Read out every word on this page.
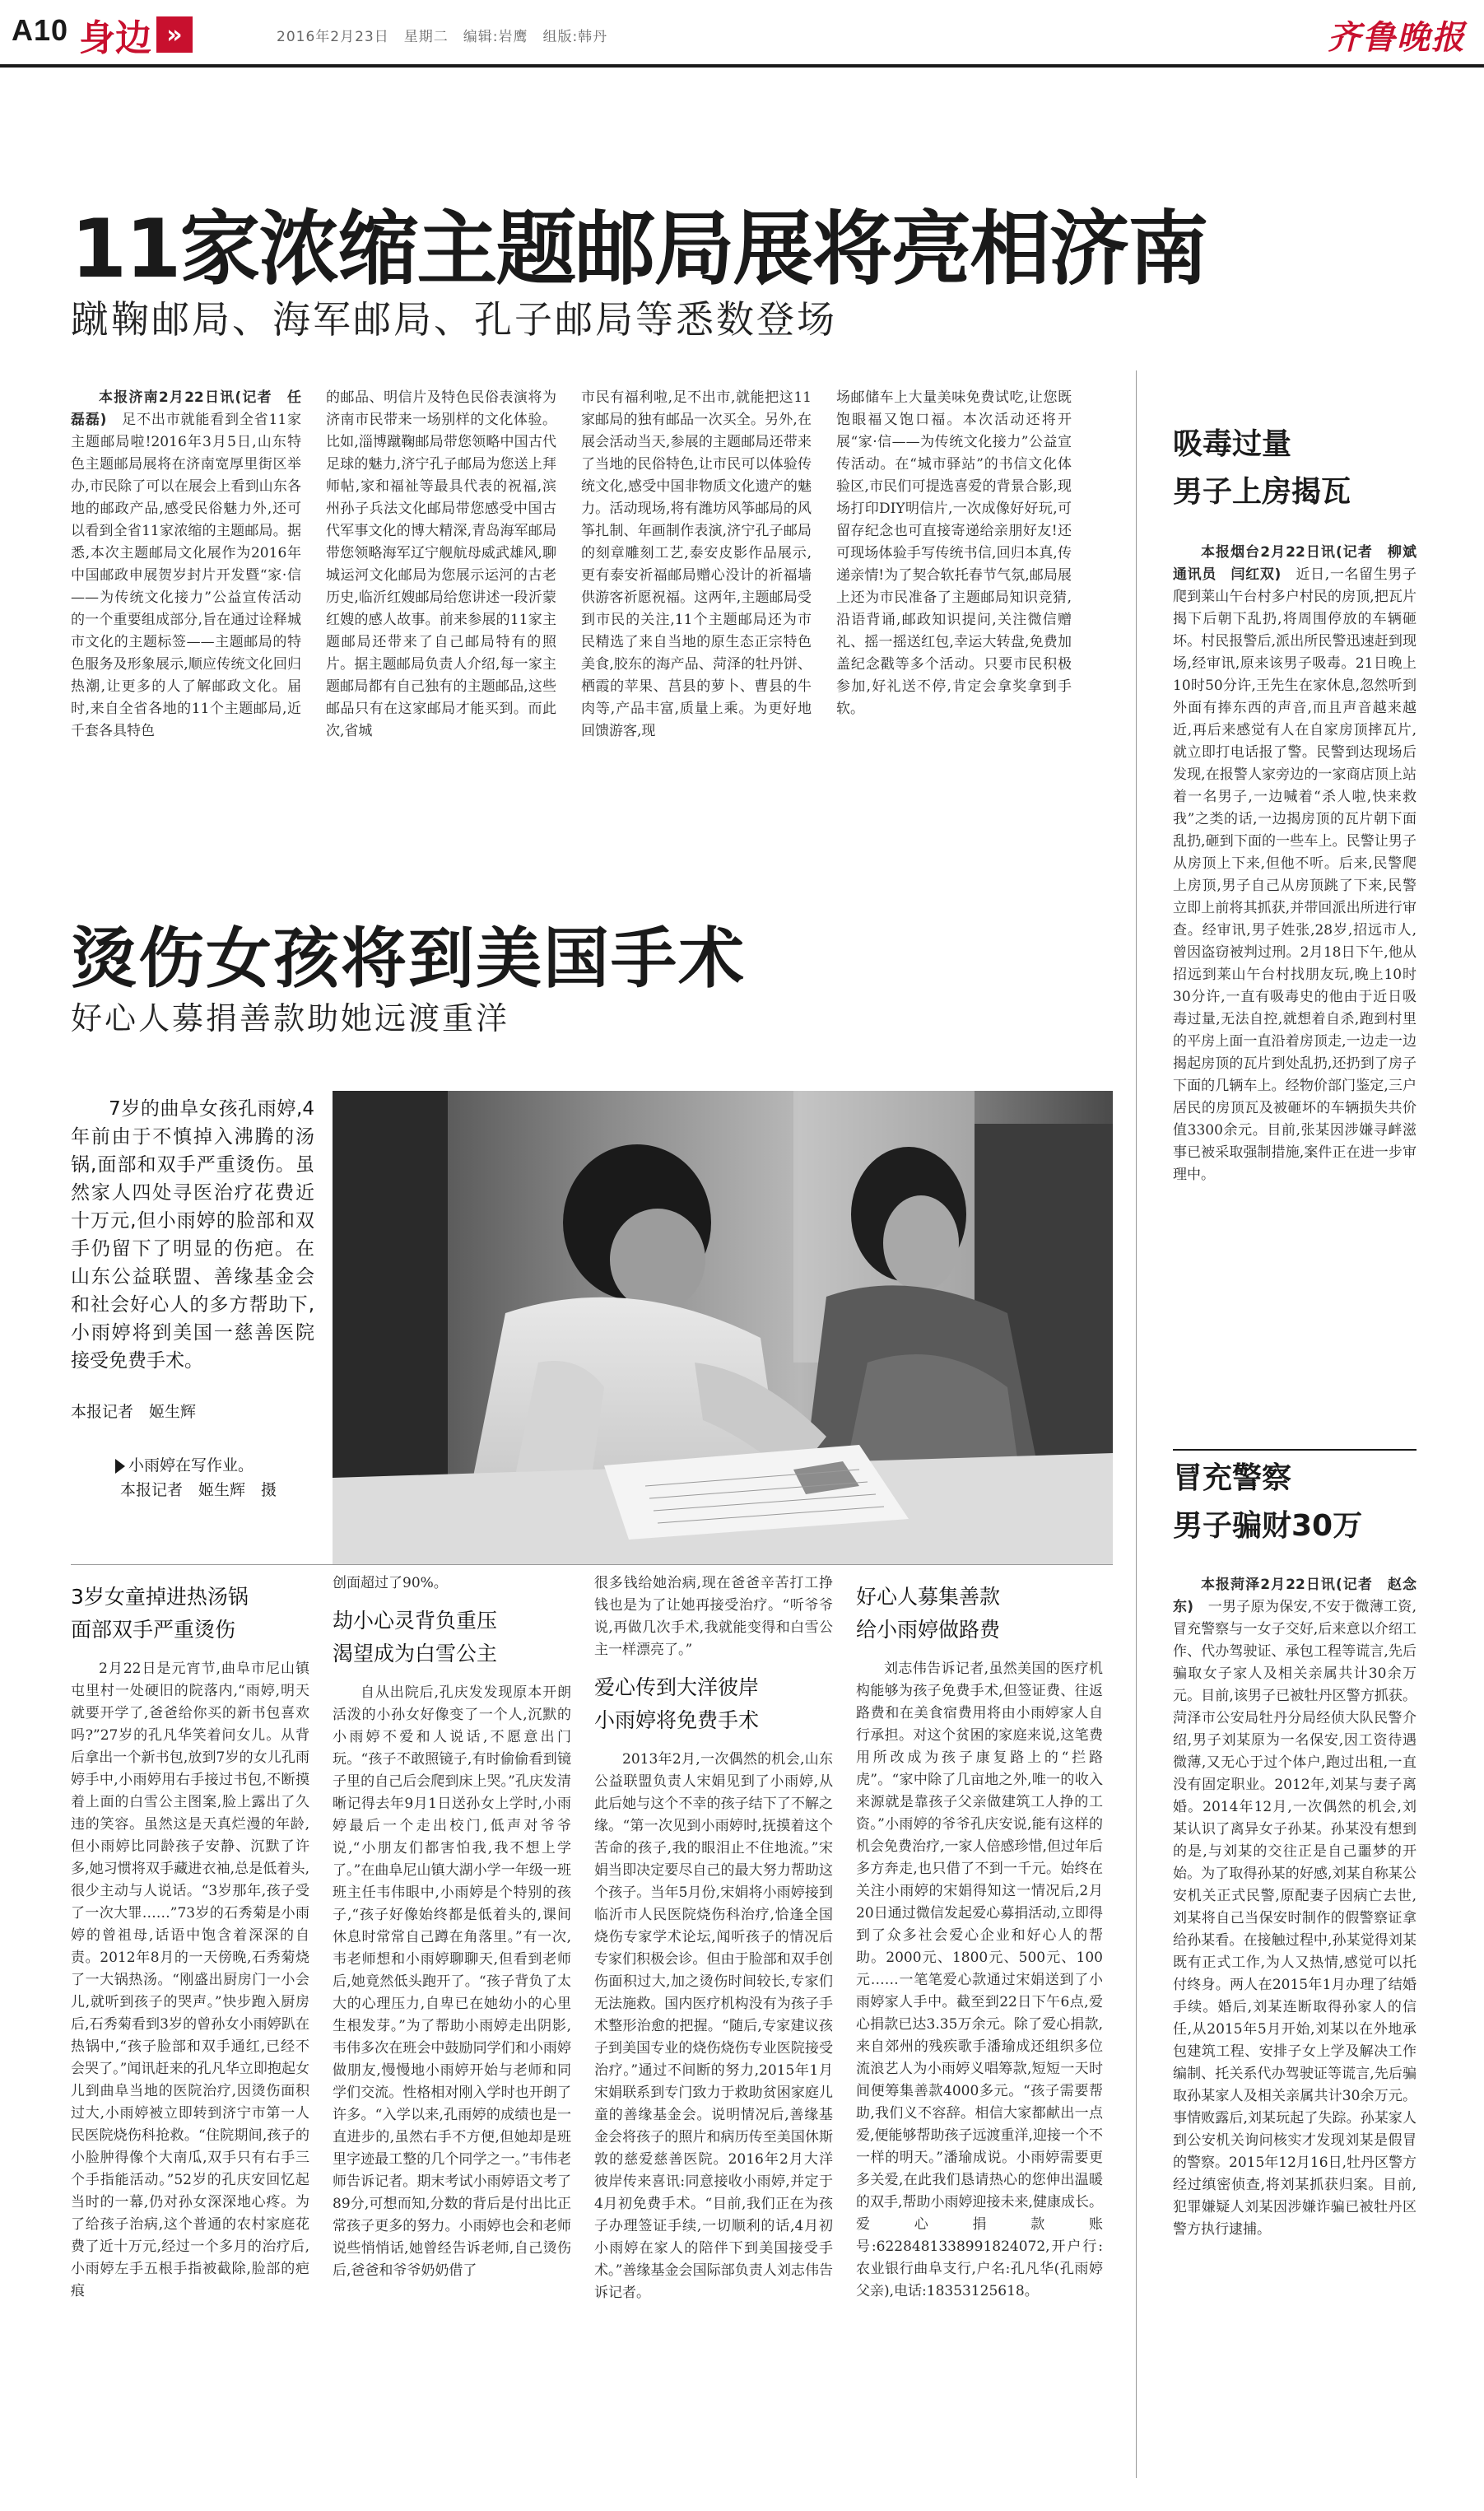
A10 身边 »	2016年2月23日　星期二　编辑:岩鹰　组版:韩丹	齐鲁晚报
11家浓缩主题邮局展将亮相济南
蹴鞠邮局、海军邮局、孔子邮局等悉数登场

本报济南2月22日讯(记者　任磊磊)　 足不出市就能看到全省11家主题邮局啦!2016年3月5日,山东特色主题邮局展将在济南宽厚里街区举办,市民除了可以在展会上看到山东各地的邮政产品,感受民俗魅力外,还可以看到全省11家浓缩的主题邮局。据悉,本次主题邮局文化展作为2016年中国邮政申展贺岁封片开发暨“家·信——为传统文化接力”公益宣传活动的一个重要组成部分,旨在通过诠释城市文化的主题标签——主题邮局的特色服务及形象展示,顺应传统文化回归热潮,让更多的人了解邮政文化。届时,来自全省各地的11个主题邮局,近千套各具特色

的邮品、明信片及特色民俗表演将为济南市民带来一场别样的文化体验。比如,淄博蹴鞠邮局带您领略中国古代足球的魅力,济宁孔子邮局为您送上拜师帖,家和福祉等最具代表的祝福,滨州孙子兵法文化邮局带您感受中国古代军事文化的博大精深,青岛海军邮局带您领略海军辽宁舰航母威武雄风,聊城运河文化邮局为您展示运河的古老历史,临沂红嫂邮局给您讲述一段沂蒙红嫂的感人故事。前来参展的11家主题邮局还带来了自己邮局特有的照片。据主题邮局负责人介绍,每一家主题邮局都有自己独有的主题邮品,这些邮品只有在这家邮局才能买到。而此次,省城

市民有福利啦,足不出市,就能把这11家邮局的独有邮品一次买全。另外,在展会活动当天,参展的主题邮局还带来了当地的民俗特色,让市民可以体验传统文化,感受中国非物质文化遗产的魅力。活动现场,将有潍坊风筝邮局的风筝扎制、年画制作表演,济宁孔子邮局的刻章雕刻工艺,泰安皮影作品展示,更有泰安祈福邮局赠心没计的祈福墙供游客祈愿祝福。这两年,主题邮局受到市民的关注,11个主题邮局还为市民精选了来自当地的原生态正宗特色美食,胶东的海产品、菏泽的牡丹饼、栖霞的苹果、莒县的萝卜、曹县的牛肉等,产品丰富,质量上乘。为更好地回馈游客,现

场邮储车上大量美味免费试吃,让您既饱眼福又饱口福。本次活动还将开展“家·信——为传统文化接力”公益宣传活动。在“城市驿站”的书信文化体验区,市民们可提选喜爱的背景合影,现场打印DIY明信片,一次成像好好玩,可留存纪念也可直接寄递给亲朋好友!还可现场体验手写传统书信,回归本真,传递亲情!为了契合软托春节气氛,邮局展上还为市民准备了主题邮局知识竞猜,沿语背诵,邮政知识提问,关注微信赠礼、摇一摇送红包,幸运大转盘,免费加盖纪念戳等多个活动。只要市民积极参加,好礼送不停,肯定会拿奖拿到手软。

吸毒过量
男子上房揭瓦

本报烟台2月22日讯(记者　柳斌　通讯员　闫红双)　 近日,一名留生男子爬到莱山午台村多户村民的房顶,把瓦片揭下后朝下乱扔,将周围停放的车辆砸坏。村民报警后,派出所民警迅速赶到现场,经审讯,原来该男子吸毒。21日晚上10时50分许,王先生在家休息,忽然听到外面有捧东西的声音,而且声音越来越近,再后来感觉有人在自家房顶摔瓦片,就立即打电话报了警。民警到达现场后发现,在报警人家旁边的一家商店顶上站着一名男子,一边喊着“杀人啦,快来救我”之类的话,一边揭房顶的瓦片朝下面乱扔,砸到下面的一些车上。民警让男子从房顶上下来,但他不听。后来,民警爬上房顶,男子自己从房顶跳了下来,民警立即上前将其抓获,并带回派出所进行审查。经审讯,男子姓张,28岁,招远市人,曾因盗窃被判过刑。2月18日下午,他从招远到莱山午台村找朋友玩,晚上10时30分许,一直有吸毒史的他由于近日吸毒过量,无法自控,就想着自杀,跑到村里的平房上面一直沿着房顶走,一边走一边揭起房顶的瓦片到处乱扔,还扔到了房子下面的几辆车上。经物价部门鉴定,三户居民的房顶瓦及被砸坏的车辆损失共价值3300余元。目前,张某因涉嫌寻衅滋事已被采取强制措施,案件正在进一步审理中。

冒充警察
男子骗财30万

本报菏泽2月22日讯(记者　赵念东)　 一男子原为保安,不安于微薄工资,冒充警察与一女子交好,后来意以介绍工作、代办驾驶证、承包工程等谎言,先后骗取女子家人及相关亲属共计30余万元。目前,该男子已被牡丹区警方抓获。菏泽市公安局牡丹分局经侦大队民警介绍,男子刘某原为一名保安,因工资待遇微薄,又无心于过个体户,跑过出租,一直没有固定职业。2012年,刘某与妻子离婚。2014年12月,一次偶然的机会,刘某认识了离异女子孙某。孙某没有想到的是,与刘某的交往正是自己噩梦的开始。为了取得孙某的好感,刘某自称某公安机关正式民警,原配妻子因病亡去世,刘某将自己当保安时制作的假警察证拿给孙某看。在接触过程中,孙某觉得刘某既有正式工作,为人又热情,感觉可以托付终身。两人在2015年1月办理了结婚手续。婚后,刘某连断取得孙家人的信任,从2015年5月开始,刘某以在外地承包建筑工程、安排子女上学及解决工作编制、托关系代办驾驶证等谎言,先后骗取孙某家人及相关亲属共计30余万元。事情败露后,刘某玩起了失踪。孙某家人到公安机关询问核实才发现刘某是假冒的警察。2015年12月16日,牡丹区警方经过缜密侦查,将刘某抓获归案。目前,犯罪嫌疑人刘某因涉嫌诈骗已被牡丹区警方执行逮捕。

烫伤女孩将到美国手术
好心人募捐善款助她远渡重洋

7岁的曲阜女孩孔雨婷,4年前由于不慎掉入沸腾的汤锅,面部和双手严重烫伤。虽然家人四处寻医治疗花费近十万元,但小雨婷的脸部和双手仍留下了明显的伤疤。在山东公益联盟、善缘基金会和社会好心人的多方帮助下,小雨婷将到美国一慈善医院接受免费手术。

本报记者　姬生辉
小雨婷在写作业。
本报记者　姬生辉　摄
3岁女童掉进热汤锅
面部双手严重烫伤

2月22日是元宵节,曲阜市尼山镇屯里村一处硬旧的院落内,“雨婷,明天就要开学了,爸爸给你买的新书包喜欢吗?”27岁的孔凡华笑着问女儿。从背后拿出一个新书包,放到7岁的女儿孔雨婷手中,小雨婷用右手接过书包,不断摸着上面的白雪公主图案,脸上露出了久违的笑容。虽然这是天真烂漫的年龄,但小雨婷比同龄孩子安静、沉默了许多,她习惯将双手藏进衣袖,总是低着头,很少主动与人说话。“3岁那年,孩子受了一次大罪……”73岁的石秀菊是小雨婷的曾祖母,话语中饱含着深深的自责。2012年8月的一天傍晚,石秀菊烧了一大锅热汤。“刚盛出厨房门一小会儿,就听到孩子的哭声。”快步跑入厨房后,石秀菊看到3岁的曾孙女小雨婷趴在热锅中,“孩子脸部和双手通红,已经不会哭了。”闻讯赶来的孔凡华立即抱起女儿到曲阜当地的医院治疗,因烫伤面积过大,小雨婷被立即转到济宁市第一人民医院烧伤科抢救。“住院期间,孩子的小脸肿得像个大南瓜,双手只有右手三个手指能活动。”52岁的孔庆安回忆起当时的一幕,仍对孙女深深地心疼。为了给孩子治病,这个普通的农村家庭花费了近十万元,经过一个多月的治疗后,小雨婷左手五根手指被截除,脸部的疤痕

创面超过了90%。

劫小心灵背负重压
渴望成为白雪公主

自从出院后,孔庆发发现原本开朗活泼的小孙女好像变了一个人,沉默的小雨婷不爱和人说话,不愿意出门玩。“孩子不敢照镜子,有时偷偷看到镜子里的自己后会爬到床上哭。”孔庆发清晰记得去年9月1日送孙女上学时,小雨婷最后一个走出校门,低声对爷爷说,“小朋友们都害怕我,我不想上学了。”在曲阜尼山镇大湖小学一年级一班班主任韦伟眼中,小雨婷是个特别的孩子,“孩子好像始终都是低着头的,课间休息时常常自己蹲在角落里。”有一次,韦老师想和小雨婷聊聊天,但看到老师后,她竟然低头跑开了。“孩子背负了太大的心理压力,自卑已在她幼小的心里生根发芽。”为了帮助小雨婷走出阴影,韦伟多次在班会中鼓励同学们和小雨婷做朋友,慢慢地小雨婷开始与老师和同学们交流。性格相对刚入学时也开朗了许多。“入学以来,孔雨婷的成绩也是一直进步的,虽然右手不方便,但她却是班里字迹最工整的几个同学之一。”韦伟老师告诉记者。期末考试小雨婷语文考了89分,可想而知,分数的背后是付出比正常孩子更多的努力。小雨婷也会和老师说些悄悄话,她曾经告诉老师,自己烫伤后,爸爸和爷爷奶奶借了

很多钱给她治病,现在爸爸辛苦打工挣钱也是为了让她再接受治疗。“听爷爷说,再做几次手术,我就能变得和白雪公主一样漂亮了。”

爱心传到大洋彼岸
小雨婷将免费手术

2013年2月,一次偶然的机会,山东公益联盟负责人宋娟见到了小雨婷,从此后她与这个不幸的孩子结下了不解之缘。“第一次见到小雨婷时,抚摸着这个苦命的孩子,我的眼泪止不住地流。”宋娟当即决定要尽自己的最大努力帮助这个孩子。当年5月份,宋娟将小雨婷接到临沂市人民医院烧伤科治疗,恰逢全国烧伤专家学术论坛,闻听孩子的情况后专家们积极会诊。但由于脸部和双手创伤面积过大,加之烫伤时间较长,专家们无法施救。国内医疗机构没有为孩子手术整形治愈的把握。“随后,专家建议孩子到美国专业的烧伤烧伤专业医院接受治疗。”通过不间断的努力,2015年1月宋娟联系到专门致力于救助贫困家庭儿童的善缘基金会。说明情况后,善缘基金会将孩子的照片和病历传至美国休斯敦的慈爱慈善医院。2016年2月大洋彼岸传来喜讯:同意接收小雨婷,并定于4月初免费手术。“目前,我们正在为孩子办理签证手续,一切顺利的话,4月初小雨婷在家人的陪伴下到美国接受手术。”善缘基金会国际部负责人刘志伟告诉记者。

好心人募集善款
给小雨婷做路费

刘志伟告诉记者,虽然美国的医疗机构能够为孩子免费手术,但签证费、往返路费和在美食宿费用将由小雨婷家人自行承担。对这个贫困的家庭来说,这笔费用所改成为孩子康复路上的“拦路虎”。“家中除了几亩地之外,唯一的收入来源就是靠孩子父亲做建筑工人挣的工资。”小雨婷的爷爷孔庆安说,能有这样的机会免费治疗,一家人倍感珍惜,但过年后多方奔走,也只借了不到一千元。始终在关注小雨婷的宋娟得知这一情况后,2月20日通过微信发起爱心募捐活动,立即得到了众多社会爱心企业和好心人的帮助。2000元、1800元、500元、100元……一笔笔爱心款通过宋娟送到了小雨婷家人手中。截至到22日下午6点,爱心捐款已达3.35万余元。除了爱心捐款,来自郊州的残疾歌手潘瑜成还组织多位流浪艺人为小雨婷义唱筹款,短短一天时间便筹集善款4000多元。“孩子需要帮助,我们义不容辞。相信大家都献出一点爱,便能够帮助孩子远渡重洋,迎接一个不一样的明天。”潘瑜成说。小雨婷需要更多关爱,在此我们恳请热心的您伸出温暖的双手,帮助小雨婷迎接未来,健康成长。爱心捐款账号:6228481338991824072,开户行:农业银行曲阜支行,户名:孔凡华(孔雨婷父亲),电话:18353125618。
